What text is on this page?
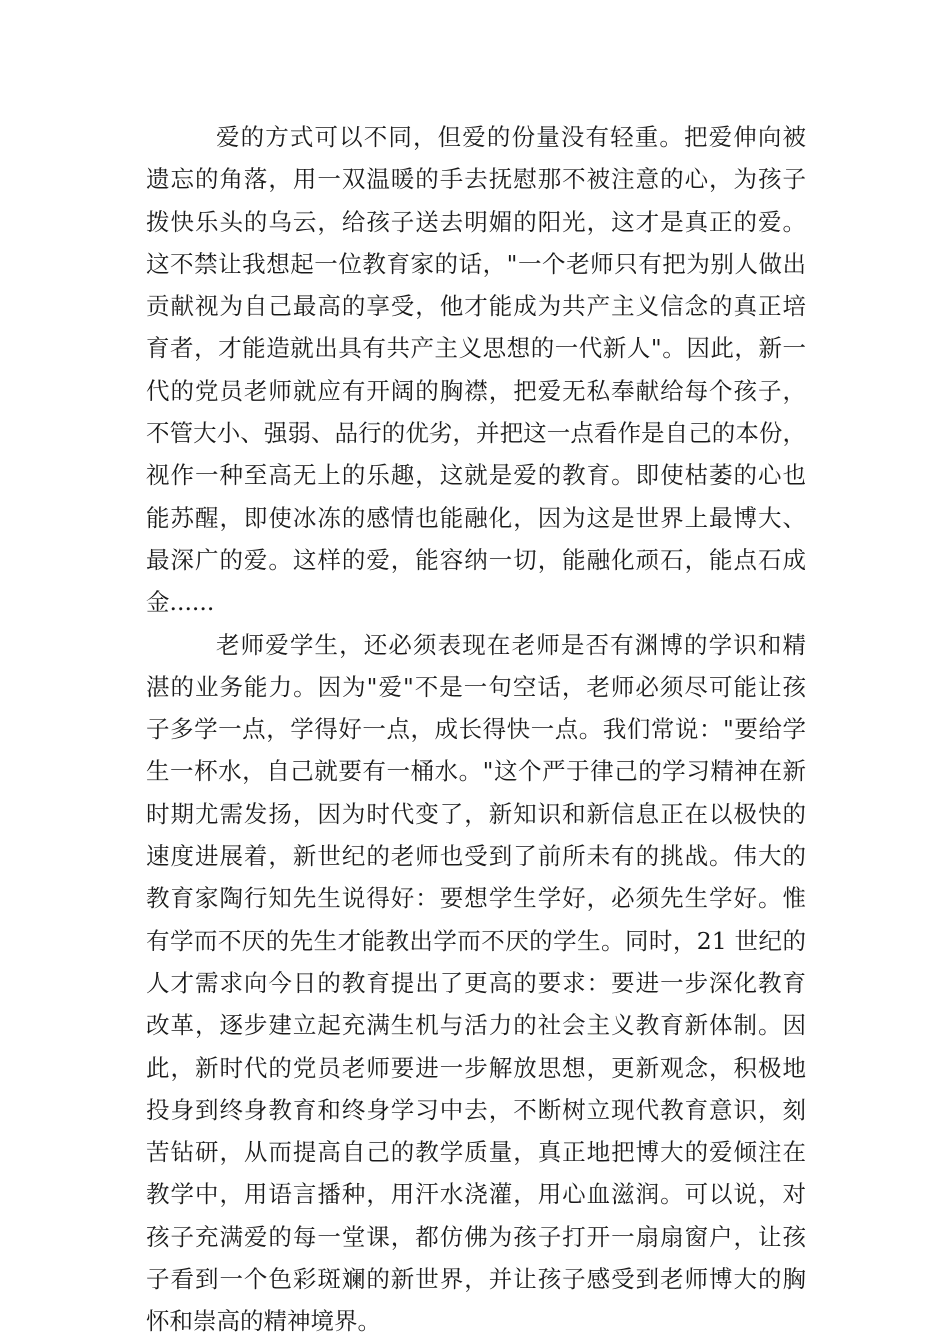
爱的方式可以不同，但爱的份量没有轻重。把爱伸向被
遗忘的角落，用一双温暖的手去抚慰那不被注意的心，为孩子
拨快乐头的乌云，给孩子送去明媚的阳光，这才是真正的爱。
这不禁让我想起一位教育家的话，"一个老师只有把为别人做出
贡献视为自己最高的享受，他才能成为共产主义信念的真正培
育者，才能造就出具有共产主义思想的一代新人"。因此，新一
代的党员老师就应有开阔的胸襟，把爱无私奉献给每个孩子，
不管大小、强弱、品行的优劣，并把这一点看作是自己的本份，
视作一种至高无上的乐趣，这就是爱的教育。即使枯萎的心也
能苏醒，即使冰冻的感情也能融化，因为这是世界上最博大、
最深广的爱。这样的爱，能容纳一切，能融化顽石，能点石成
金......
老师爱学生，还必须表现在老师是否有渊博的学识和精
湛的业务能力。因为"爱"不是一句空话，老师必须尽可能让孩
子多学一点，学得好一点，成长得快一点。我们常说："要给学
生一杯水，自己就要有一桶水。"这个严于律己的学习精神在新
时期尤需发扬，因为时代变了，新知识和新信息正在以极快的
速度进展着，新世纪的老师也受到了前所未有的挑战。伟大的
教育家陶行知先生说得好：要想学生学好，必须先生学好。惟
有学而不厌的先生才能教出学而不厌的学生。同时，21 世纪的
人才需求向今日的教育提出了更高的要求：要进一步深化教育
改革，逐步建立起充满生机与活力的社会主义教育新体制。因
此，新时代的党员老师要进一步解放思想，更新观念，积极地
投身到终身教育和终身学习中去，不断树立现代教育意识，刻
苦钻研，从而提高自己的教学质量，真正地把博大的爱倾注在
教学中，用语言播种，用汗水浇灌，用心血滋润。可以说，对
孩子充满爱的每一堂课，都仿佛为孩子打开一扇扇窗户，让孩
子看到一个色彩斑斓的新世界，并让孩子感受到老师博大的胸
怀和崇高的精神境界。
